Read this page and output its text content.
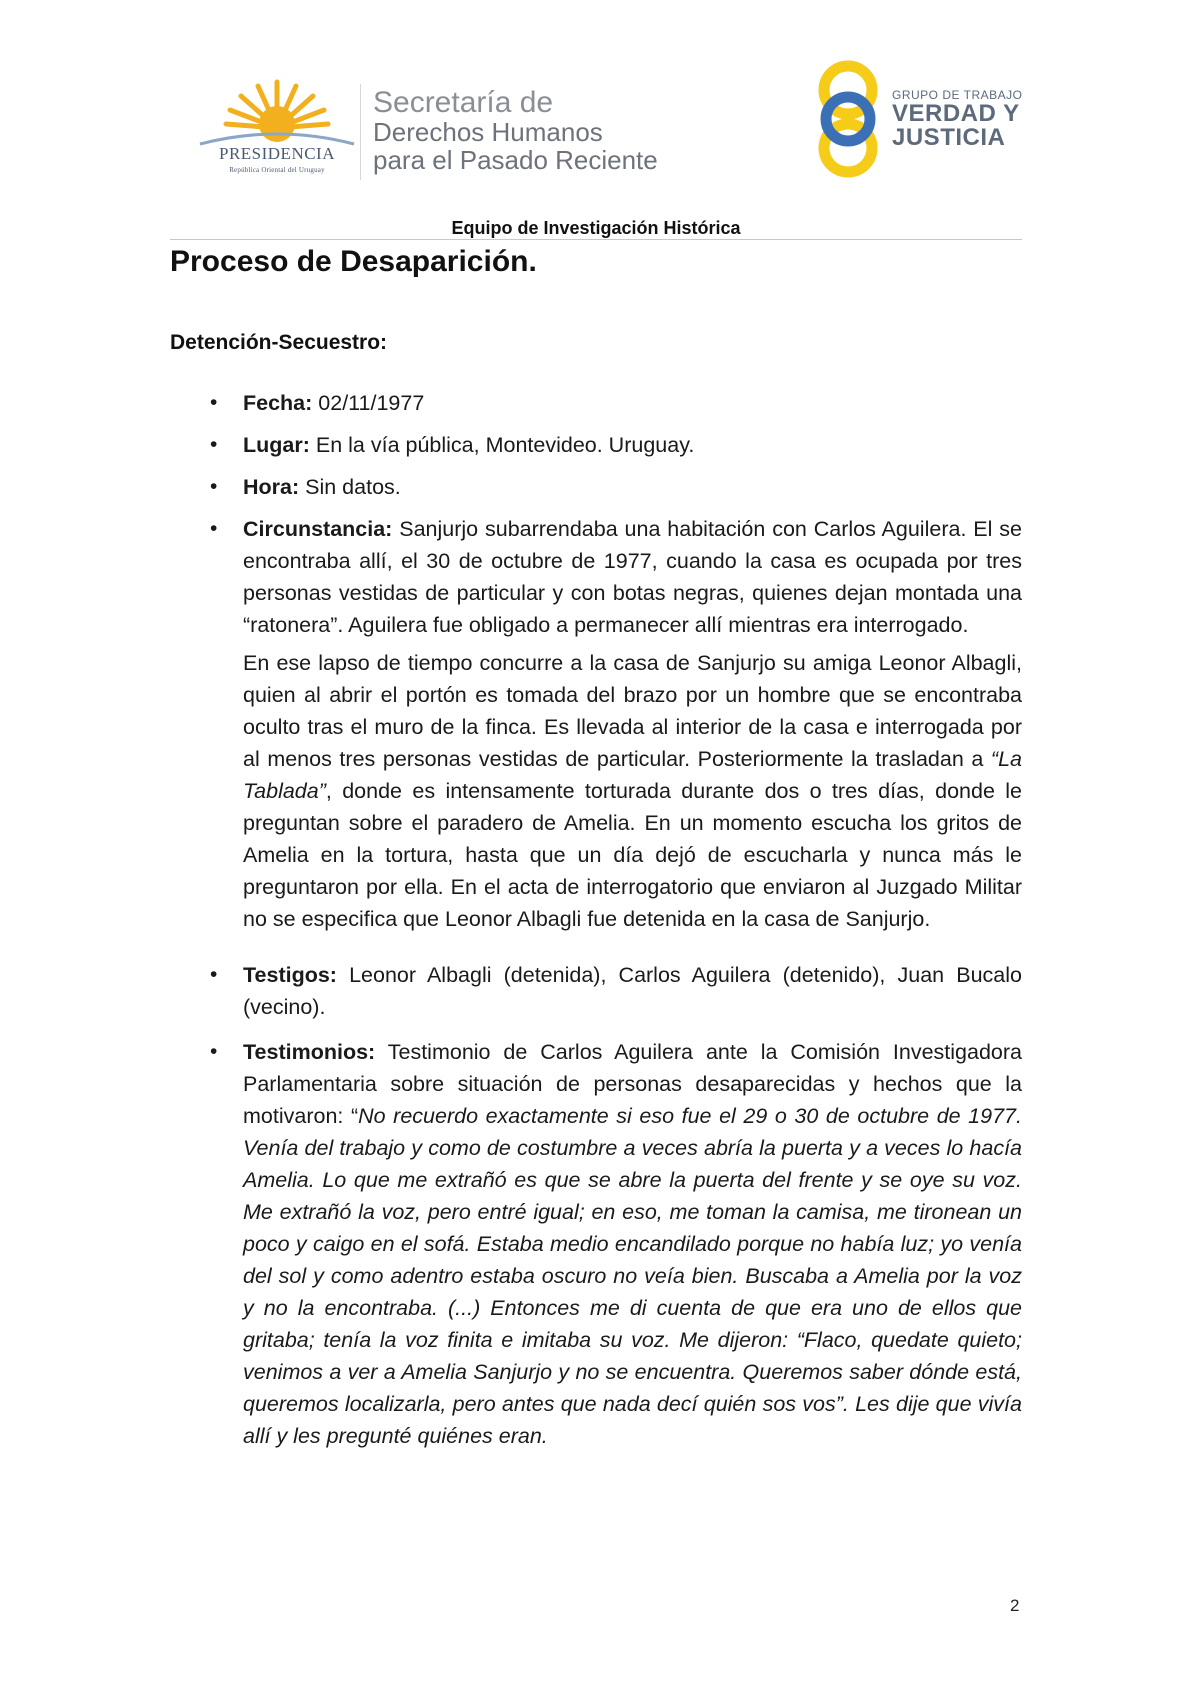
PRESIDENCIA
República Oriental del Uruguay
Secretaría de
Derechos Humanos
para el Pasado Reciente
GRUPO DE TRABAJO
VERDAD Y
JUSTICIA
Equipo de Investigación Histórica
Proceso de Desaparición.
Detención-Secuestro:
• Fecha: 02/11/1977
• Lugar: En la vía pública, Montevideo. Uruguay.
• Hora: Sin datos.
• Circunstancia: Sanjurjo subarrendaba una habitación con Carlos Aguilera. El se encontraba allí, el 30 de octubre de 1977, cuando la casa es ocupada por tres personas vestidas de particular y con botas negras, quienes dejan montada una “ratonera”. Aguilera fue obligado a permanecer allí mientras era interrogado.

En ese lapso de tiempo concurre a la casa de Sanjurjo su amiga Leonor Albagli, quien al abrir el portón es tomada del brazo por un hombre que se encontraba oculto tras el muro de la finca. Es llevada al interior de la casa e interrogada por al menos tres personas vestidas de particular. Posteriormente la trasladan a “La Tablada”, donde es intensamente torturada durante dos o tres días, donde le preguntan sobre el paradero de Amelia. En un momento escucha los gritos de Amelia en la tortura, hasta que un día dejó de escucharla y nunca más le preguntaron por ella. En el acta de interrogatorio que enviaron al Juzgado Militar no se especifica que Leonor Albagli fue detenida en la casa de Sanjurjo.

• Testigos: Leonor Albagli (detenida), Carlos Aguilera (detenido), Juan Bucalo (vecino).
• Testimonios: Testimonio de Carlos Aguilera ante la Comisión Investigadora Parlamentaria sobre situación de personas desaparecidas y hechos que la motivaron: “No recuerdo exactamente si eso fue el 29 o 30 de octubre de 1977. Venía del trabajo y como de costumbre a veces abría la puerta y a veces lo hacía Amelia. Lo que me extrañó es que se abre la puerta del frente y se oye su voz. Me extrañó la voz, pero entré igual; en eso, me toman la camisa, me tironean un poco y caigo en el sofá. Estaba medio encandilado porque no había luz; yo venía del sol y como adentro estaba oscuro no veía bien. Buscaba a Amelia por la voz y no la encontraba. (...) Entonces me di cuenta de que era uno de ellos que gritaba; tenía la voz finita e imitaba su voz. Me dijeron: “Flaco, quedate quieto; venimos a ver a Amelia Sanjurjo y no se encuentra. Queremos saber dónde está, queremos localizarla, pero antes que nada decí quién sos vos”. Les dije que vivía allí y les pregunté quiénes eran.
2
